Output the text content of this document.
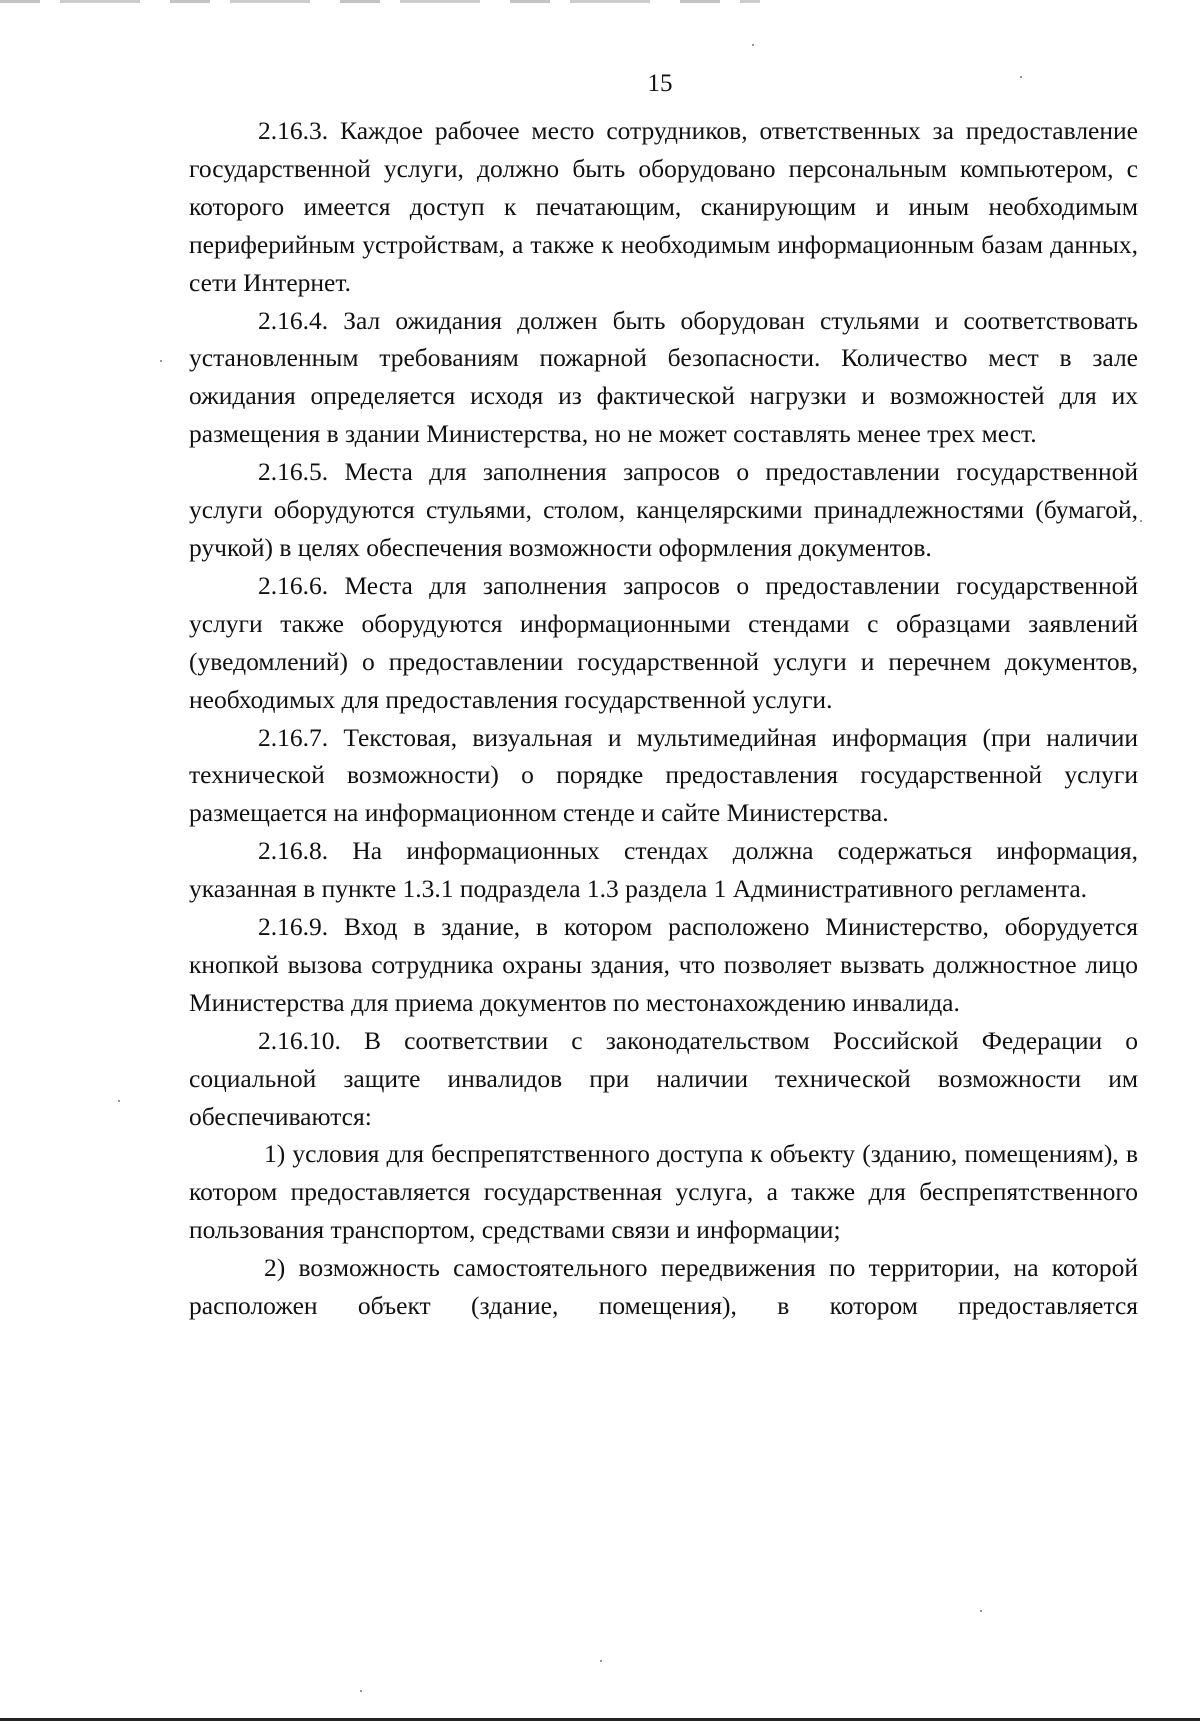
15

2.16.3. Каждое рабочее место сотрудников, ответственных за предоставление государственной услуги, должно быть оборудовано персональным компьютером, с которого имеется доступ к печатающим, сканирующим и иным необходимым периферийным устройствам, а также к необходимым информационным базам данных, сети Интернет.

2.16.4. Зал ожидания должен быть оборудован стульями и соответствовать установленным требованиям пожарной безопасности. Количество мест в зале ожидания определяется исходя из фактической нагрузки и возможностей для их размещения в здании Министерства, но не может составлять менее трех мест.

2.16.5. Места для заполнения запросов о предоставлении государственной услуги оборудуются стульями, столом, канцелярскими принадлежностями (бумагой, ручкой) в целях обеспечения возможности оформления документов.

2.16.6. Места для заполнения запросов о предоставлении государственной услуги также оборудуются информационными стендами с образцами заявлений (уведомлений) о предоставлении государственной услуги и перечнем документов, необходимых для предоставления государственной услуги.

2.16.7. Текстовая, визуальная и мультимедийная информация (при наличии технической возможности) о порядке предоставления государственной услуги размещается на информационном стенде и сайте Министерства.

2.16.8. На информационных стендах должна содержаться информация, указанная в пункте 1.3.1 подраздела 1.3 раздела 1 Административного регламента.

2.16.9. Вход в здание, в котором расположено Министерство, оборудуется кнопкой вызова сотрудника охраны здания, что позволяет вызвать должностное лицо Министерства для приема документов по местонахождению инвалида.

2.16.10. В соответствии с законодательством Российской Федерации о социальной защите инвалидов при наличии технической возможности им обеспечиваются:

1) условия для беспрепятственного доступа к объекту (зданию, помещениям), в котором предоставляется государственная услуга, а также для беспрепятственного пользования транспортом, средствами связи и информации;

2) возможность самостоятельного передвижения по территории, на которой расположен объект (здание, помещения), в котором предоставляется
